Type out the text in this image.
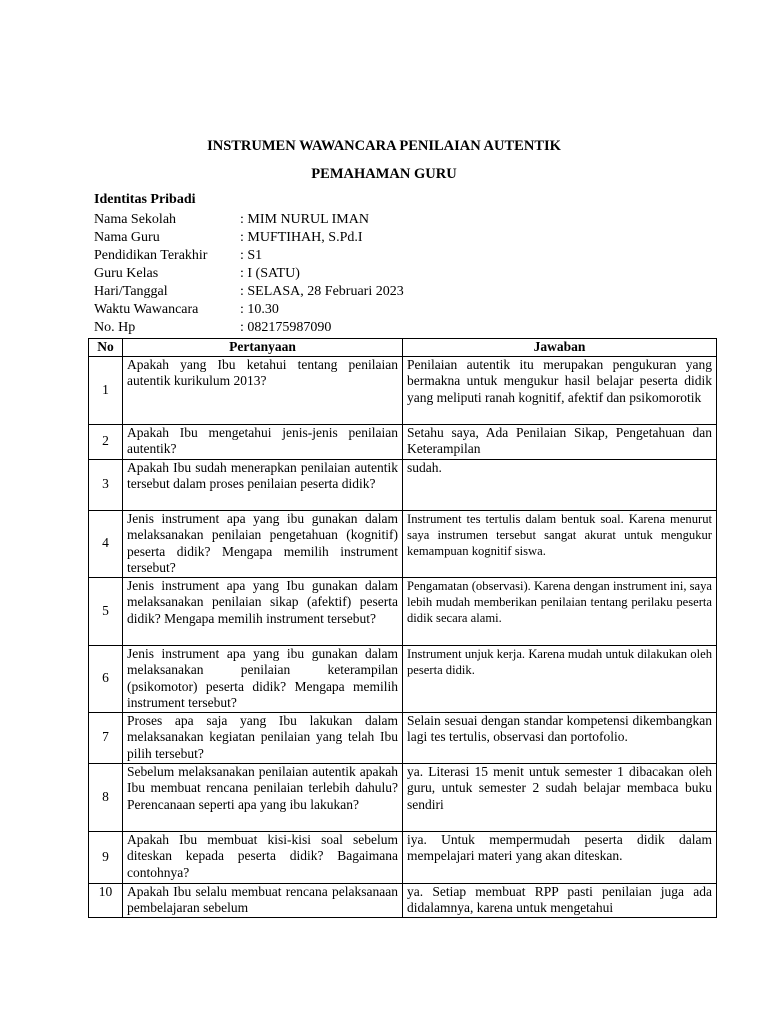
INSTRUMEN WAWANCARA PENILAIAN AUTENTIK
PEMAHAMAN GURU
Identitas Pribadi
Nama Sekolah	: MIM NURUL IMAN
Nama Guru	: MUFTIHAH, S.Pd.I
Pendidikan Terakhir	: S1
Guru Kelas	: I (SATU)
Hari/Tanggal	: SELASA, 28 Februari 2023
Waktu Wawancara	: 10.30
No. Hp	: 082175987090
No	Pertanyaan	Jawaban
1	Apakah yang Ibu ketahui tentang penilaian autentik kurikulum 2013?	Penilaian autentik itu merupakan pengukuran yang bermakna untuk mengukur hasil belajar peserta didik yang meliputi ranah kognitif, afektif dan psikomorotik
2	Apakah Ibu mengetahui jenis-jenis penilaian autentik?	Setahu saya, Ada Penilaian Sikap, Pengetahuan dan Keterampilan
3	Apakah Ibu sudah menerapkan penilaian autentik tersebut dalam proses penilaian peserta didik?	sudah.
4	Jenis instrument apa yang ibu gunakan dalam melaksanakan penilaian pengetahuan (kognitif) peserta didik? Mengapa memilih instrument tersebut?	Instrument tes tertulis dalam bentuk soal. Karena menurut saya instrumen tersebut sangat akurat untuk mengukur kemampuan kognitif siswa.
5	Jenis instrument apa yang Ibu gunakan dalam melaksanakan penilaian sikap (afektif) peserta didik? Mengapa memilih instrument tersebut?	Pengamatan (observasi). Karena dengan instrument ini, saya lebih mudah memberikan penilaian tentang perilaku peserta didik secara alami.
6	Jenis instrument apa yang ibu gunakan dalam melaksanakan penilaian keterampilan (psikomotor) peserta didik? Mengapa memilih instrument tersebut?	Instrument unjuk kerja. Karena mudah untuk dilakukan oleh peserta didik.
7	Proses apa saja yang Ibu lakukan dalam melaksanakan kegiatan penilaian yang telah Ibu pilih tersebut?	Selain sesuai dengan standar kompetensi dikembangkan lagi tes tertulis, observasi dan portofolio.
8	Sebelum melaksanakan penilaian autentik apakah Ibu membuat rencana penilaian terlebih dahulu? Perencanaan seperti apa yang ibu lakukan?	ya. Literasi 15 menit untuk semester 1 dibacakan oleh guru, untuk semester 2 sudah belajar membaca buku sendiri
9	Apakah Ibu membuat kisi-kisi soal sebelum diteskan kepada peserta didik? Bagaimana contohnya?	iya. Untuk mempermudah peserta didik dalam mempelajari materi yang akan diteskan.
10	Apakah Ibu selalu membuat rencana pelaksanaan pembelajaran sebelum	ya. Setiap membuat RPP pasti penilaian juga ada didalamnya, karena untuk mengetahui
